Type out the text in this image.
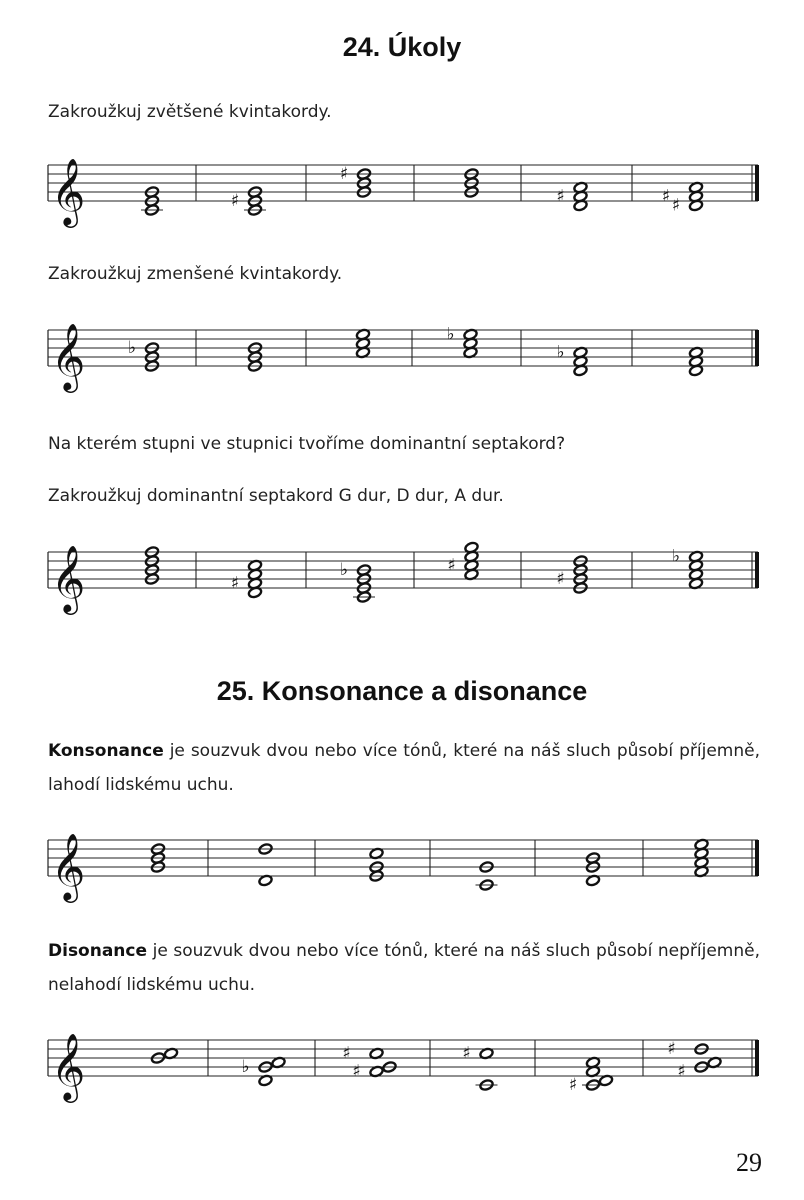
24. Úkoly

Zakroužkuj zvětšené kvintakordy.

𝄞	♯
♯
♯	♯
♯
𝄞	♭
♭
♭
𝄞	♯
♭	♯
♯
♭
𝄞
𝄞	♭	♯
♯	♯
♯
♯
♯

Zakroužkuj zmenšené kvintakordy.

Na kterém stupni ve stupnici tvoříme dominantní septakord?

Zakroužkuj dominantní septakord G dur, D dur, A dur.

25. Konsonance a disonance

Konsonance je souzvuk dvou nebo více tónů, které na náš sluch působí příjemně, lahodí lidskému uchu.

Disonance je souzvuk dvou nebo více tónů, které na náš sluch působí nepříjemně, nelahodí lidskému uchu.

29
